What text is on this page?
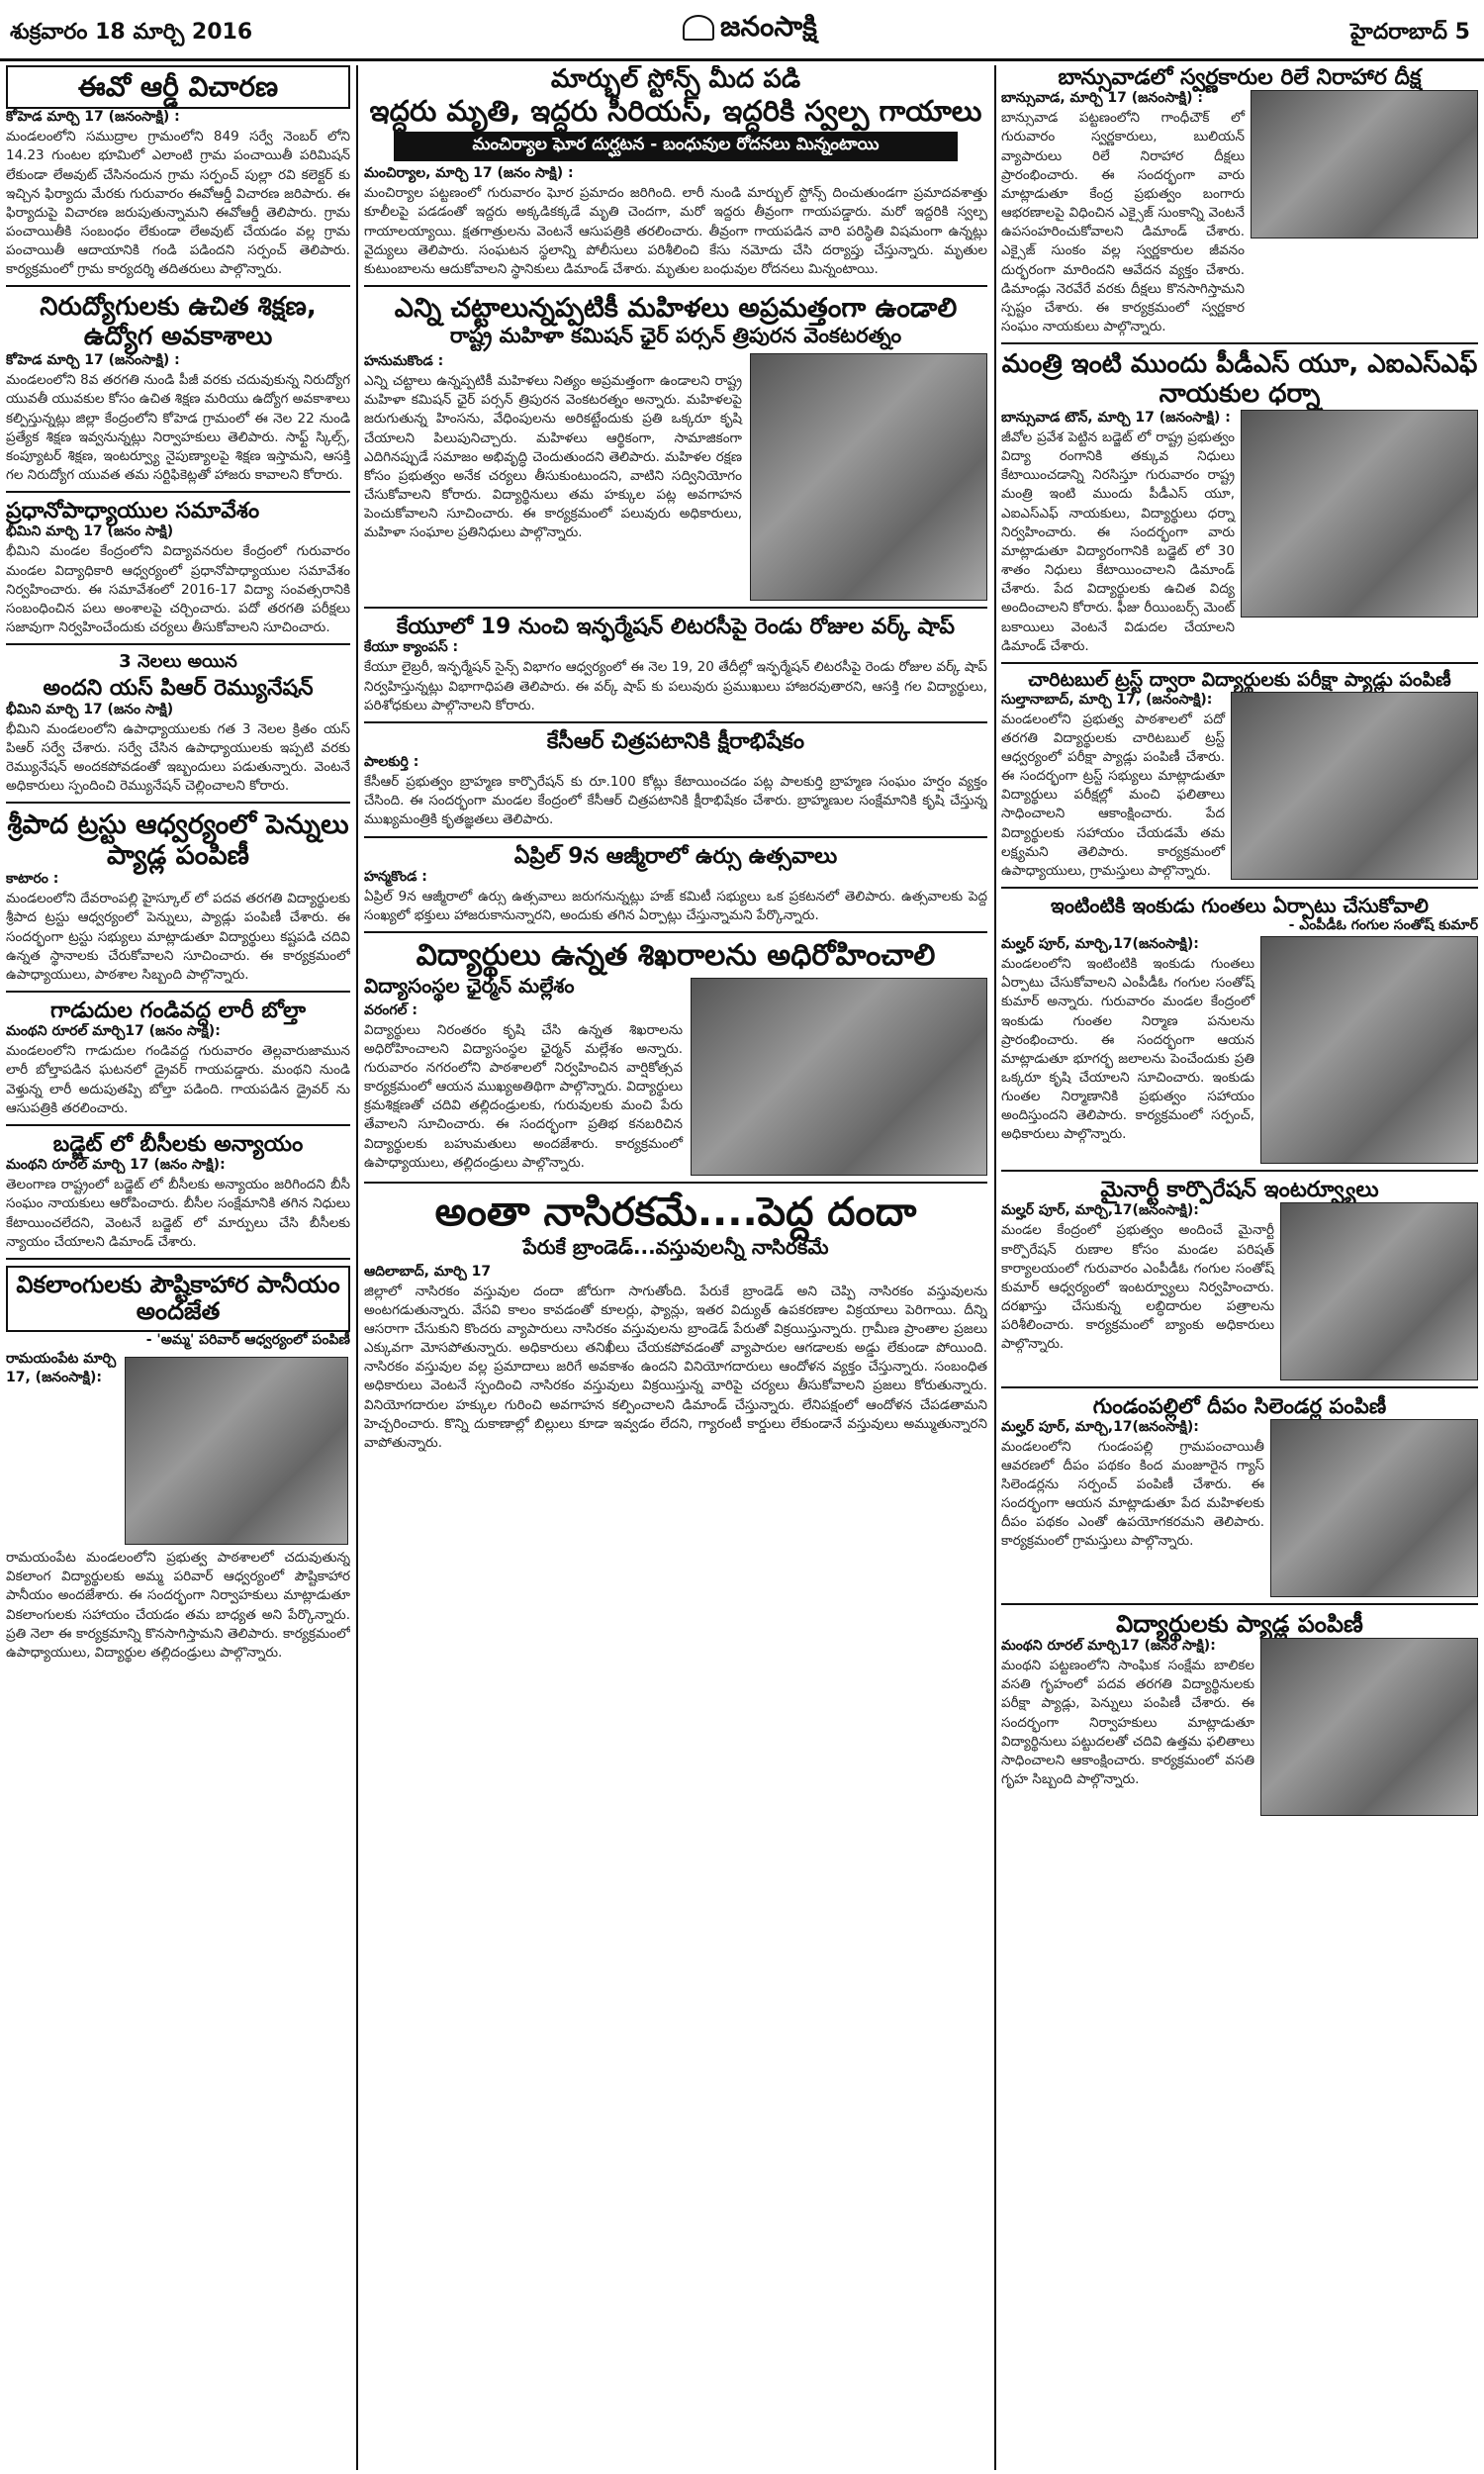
శుక్రవారం 18 మార్చి 2016	జనంసాక్షి	హైదరాబాద్ 5
ఈవో ఆర్డీ విచారణ
కోహెడ మార్చి 17 (జనంసాక్షి) :
మండలంలోని సముద్రాల గ్రామంలోని 849 సర్వే నెంబర్ లోని 14.23 గుంటల భూమిలో ఎలాంటి గ్రామ పంచాయితీ పరిమిషన్ లేకుండా లేఅవుట్ చేసినందున గ్రామ సర్పంచ్ పుల్లా రవి కలెక్టర్ కు ఇచ్చిన ఫిర్యాదు మేరకు గురువారం ఈవోఆర్డీ విచారణ జరిపారు. ఈ ఫిర్యాదుపై విచారణ జరుపుతున్నామని ఈవోఆర్డీ తెలిపారు. గ్రామ పంచాయితీకి సంబంధం లేకుండా లేఅవుట్ చేయడం వల్ల గ్రామ పంచాయితీ ఆదాయానికి గండి పడిందని సర్పంచ్ తెలిపారు. కార్యక్రమంలో గ్రామ కార్యదర్శి తదితరులు పాల్గొన్నారు.
నిరుద్యోగులకు ఉచిత శిక్షణ, ఉద్యోగ అవకాశాలు
కోహెడ మార్చి 17 (జనంసాక్షి) :
మండలంలోని 8వ తరగతి నుండి పీజీ వరకు చదువుకున్న నిరుద్యోగ యువతీ యువకుల కోసం ఉచిత శిక్షణ మరియు ఉద్యోగ అవకాశాలు కల్పిస్తున్నట్లు జిల్లా కేంద్రంలోని కోహెడ గ్రామంలో ఈ నెల 22 నుండి ప్రత్యేక శిక్షణ ఇవ్వనున్నట్లు నిర్వాహకులు తెలిపారు. సాఫ్ట్ స్కిల్స్, కంప్యూటర్ శిక్షణ, ఇంటర్వ్యూ నైపుణ్యాలపై శిక్షణ ఇస్తామని, ఆసక్తి గల నిరుద్యోగ యువత తమ సర్టిఫికెట్లతో హాజరు కావాలని కోరారు.
ప్రధానోపాధ్యాయుల సమావేశం
భీమిని మార్చి 17 (జనం సాక్షి)
భీమిని మండల కేంద్రంలోని విద్యావనరుల కేంద్రంలో గురువారం మండల విద్యాధికారి ఆధ్వర్యంలో ప్రధానోపాధ్యాయుల సమావేశం నిర్వహించారు. ఈ సమావేశంలో 2016-17 విద్యా సంవత్సరానికి సంబంధించిన పలు అంశాలపై చర్చించారు. పదో తరగతి పరీక్షలు సజావుగా నిర్వహించేందుకు చర్యలు తీసుకోవాలని సూచించారు.
3 నెలలు అయిన
అందని యస్ పిఆర్ రెమ్యునేషన్
భీమిని మార్చి 17 (జనం సాక్షి)
భీమిని మండలంలోని ఉపాధ్యాయులకు గత 3 నెలల క్రితం యస్ పిఆర్ సర్వే చేశారు. సర్వే చేసిన ఉపాధ్యాయులకు ఇప్పటి వరకు రెమ్యునేషన్ అందకపోవడంతో ఇబ్బందులు పడుతున్నారు. వెంటనే అధికారులు స్పందించి రెమ్యునేషన్ చెల్లించాలని కోరారు.
శ్రీపాద ట్రస్టు ఆధ్వర్యంలో పెన్నులు ప్యాడ్ల పంపిణీ
కాటారం :
మండలంలోని దేవరాంపల్లి హైస్కూల్ లో పదవ తరగతి విద్యార్థులకు శ్రీపాద ట్రస్టు ఆధ్వర్యంలో పెన్నులు, ప్యాడ్లు పంపిణీ చేశారు. ఈ సందర్భంగా ట్రస్టు సభ్యులు మాట్లాడుతూ విద్యార్థులు కష్టపడి చదివి ఉన్నత స్థానాలకు చేరుకోవాలని సూచించారు. ఈ కార్యక్రమంలో ఉపాధ్యాయులు, పాఠశాల సిబ్బంది పాల్గొన్నారు.
గాడుదుల గండివద్ద లారీ బోల్తా
మంథని రూరల్ మార్చి17 (జనం సాక్షి):
మండలంలోని గాడుదుల గండివద్ద గురువారం తెల్లవారుజామున లారీ బోల్తాపడిన ఘటనలో డ్రైవర్ గాయపడ్డారు. మంథని నుండి వెళ్తున్న లారీ అదుపుతప్పి బోల్తా పడింది. గాయపడిన డ్రైవర్ ను ఆసుపత్రికి తరలించారు.
బడ్జెట్ లో బీసీలకు అన్యాయం
మంథని రూరల్ మార్చి 17 (జనం సాక్షి):
తెలంగాణ రాష్ట్రంలో బడ్జెట్ లో బీసీలకు అన్యాయం జరిగిందని బీసీ సంఘం నాయకులు ఆరోపించారు. బీసీల సంక్షేమానికి తగిన నిధులు కేటాయించలేదని, వెంటనే బడ్జెట్ లో మార్పులు చేసి బీసీలకు న్యాయం చేయాలని డిమాండ్ చేశారు.
వికలాంగులకు పౌష్టికాహార పానీయం అందజేత
- 'అమ్మ' పరివార్ ఆధ్వర్యంలో పంపిణీ
రామయంపేట మార్చి 17, (జనంసాక్షి):
రామయంపేట మండలంలోని ప్రభుత్వ పాఠశాలలో చదువుతున్న వికలాంగ విద్యార్థులకు అమ్మ పరివార్ ఆధ్వర్యంలో పౌష్టికాహార పానీయం అందజేశారు. ఈ సందర్భంగా నిర్వాహకులు మాట్లాడుతూ వికలాంగులకు సహాయం చేయడం తమ బాధ్యత అని పేర్కొన్నారు. ప్రతి నెలా ఈ కార్యక్రమాన్ని కొనసాగిస్తామని తెలిపారు. కార్యక్రమంలో ఉపాధ్యాయులు, విద్యార్థుల తల్లిదండ్రులు పాల్గొన్నారు.
మార్బుల్ స్టోన్స్ మీద పడి
ఇద్దరు మృతి, ఇద్దరు సీరియస్, ఇద్దరికి స్వల్ప గాయాలు
మంచిర్యాల ఘోర దుర్ఘటన - బంధువుల రోదనలు మిన్నంటాయి
మంచిర్యాల, మార్చి 17 (జనం సాక్షి) :
మంచిర్యాల పట్టణంలో గురువారం ఘోర ప్రమాదం జరిగింది. లారీ నుండి మార్బుల్ స్టోన్స్ దించుతుండగా ప్రమాదవశాత్తు కూలీలపై పడడంతో ఇద్దరు అక్కడికక్కడే మృతి చెందగా, మరో ఇద్దరు తీవ్రంగా గాయపడ్డారు. మరో ఇద్దరికి స్వల్ప గాయాలయ్యాయి. క్షతగాత్రులను వెంటనే ఆసుపత్రికి తరలించారు. తీవ్రంగా గాయపడిన వారి పరిస్థితి విషమంగా ఉన్నట్లు వైద్యులు తెలిపారు. సంఘటన స్థలాన్ని పోలీసులు పరిశీలించి కేసు నమోదు చేసి దర్యాప్తు చేస్తున్నారు. మృతుల కుటుంబాలను ఆదుకోవాలని స్థానికులు డిమాండ్ చేశారు. మృతుల బంధువుల రోదనలు మిన్నంటాయి.
ఎన్ని చట్టాలున్నప్పటికీ మహిళలు అప్రమత్తంగా ఉండాలి
రాష్ట్ర మహిళా కమిషన్ ఛైర్ పర్సన్ త్రిపురన వెంకటరత్నం
హనుమకొండ :
ఎన్ని చట్టాలు ఉన్నప్పటికీ మహిళలు నిత్యం అప్రమత్తంగా ఉండాలని రాష్ట్ర మహిళా కమిషన్ ఛైర్ పర్సన్ త్రిపురన వెంకటరత్నం అన్నారు. మహిళలపై జరుగుతున్న హింసను, వేధింపులను అరికట్టేందుకు ప్రతి ఒక్కరూ కృషి చేయాలని పిలుపునిచ్చారు. మహిళలు ఆర్థికంగా, సామాజికంగా ఎదిగినప్పుడే సమాజం అభివృద్ధి చెందుతుందని తెలిపారు. మహిళల రక్షణ కోసం ప్రభుత్వం అనేక చర్యలు తీసుకుంటుందని, వాటిని సద్వినియోగం చేసుకోవాలని కోరారు. విద్యార్థినులు తమ హక్కుల పట్ల అవగాహన పెంచుకోవాలని సూచించారు. ఈ కార్యక్రమంలో పలువురు అధికారులు, మహిళా సంఘాల ప్రతినిధులు పాల్గొన్నారు.
కేయూలో 19 నుంచి ఇన్ఫర్మేషన్ లిటరసీపై రెండు రోజుల వర్క్ షాప్
కేయూ క్యాంపస్ :
కేయూ లైబ్రరీ, ఇన్ఫర్మేషన్ సైన్స్ విభాగం ఆధ్వర్యంలో ఈ నెల 19, 20 తేదీల్లో ఇన్ఫర్మేషన్ లిటరసీపై రెండు రోజుల వర్క్ షాప్ నిర్వహిస్తున్నట్లు విభాగాధిపతి తెలిపారు. ఈ వర్క్ షాప్ కు పలువురు ప్రముఖులు హాజరవుతారని, ఆసక్తి గల విద్యార్థులు, పరిశోధకులు పాల్గొనాలని కోరారు.
కేసీఆర్ చిత్రపటానికి క్షీరాభిషేకం
పాలకుర్తి :
కేసీఆర్ ప్రభుత్వం బ్రాహ్మణ కార్పొరేషన్ కు రూ.100 కోట్లు కేటాయించడం పట్ల పాలకుర్తి బ్రాహ్మణ సంఘం హర్షం వ్యక్తం చేసింది. ఈ సందర్భంగా మండల కేంద్రంలో కేసీఆర్ చిత్రపటానికి క్షీరాభిషేకం చేశారు. బ్రాహ్మణుల సంక్షేమానికి కృషి చేస్తున్న ముఖ్యమంత్రికి కృతజ్ఞతలు తెలిపారు.
ఏప్రిల్ 9న ఆజ్మీరాలో ఉర్సు ఉత్సవాలు
హన్మకొండ :
ఏప్రిల్ 9న ఆజ్మీరాలో ఉర్సు ఉత్సవాలు జరుగనున్నట్లు హజ్ కమిటీ సభ్యులు ఒక ప్రకటనలో తెలిపారు. ఉత్సవాలకు పెద్ద సంఖ్యలో భక్తులు హాజరుకానున్నారని, అందుకు తగిన ఏర్పాట్లు చేస్తున్నామని పేర్కొన్నారు.
విద్యార్థులు ఉన్నత శిఖరాలను అధిరోహించాలి
విద్యాసంస్థల ఛైర్మన్ మల్లేశం
వరంగల్ :
విద్యార్థులు నిరంతరం కృషి చేసి ఉన్నత శిఖరాలను అధిరోహించాలని విద్యాసంస్థల ఛైర్మన్ మల్లేశం అన్నారు. గురువారం నగరంలోని పాఠశాలలో నిర్వహించిన వార్షికోత్సవ కార్యక్రమంలో ఆయన ముఖ్యఅతిథిగా పాల్గొన్నారు. విద్యార్థులు క్రమశిక్షణతో చదివి తల్లిదండ్రులకు, గురువులకు మంచి పేరు తేవాలని సూచించారు. ఈ సందర్భంగా ప్రతిభ కనబరిచిన విద్యార్థులకు బహుమతులు అందజేశారు. కార్యక్రమంలో ఉపాధ్యాయులు, తల్లిదండ్రులు పాల్గొన్నారు.
అంతా నాసిరకమే....పెద్ద దందా
పేరుకే బ్రాండెడ్...వస్తువులన్నీ నాసిరకమే
ఆదిలాబాద్, మార్చి 17
జిల్లాలో నాసిరకం వస్తువుల దందా జోరుగా సాగుతోంది. పేరుకే బ్రాండెడ్ అని చెప్పి నాసిరకం వస్తువులను అంటగడుతున్నారు. వేసవి కాలం కావడంతో కూలర్లు, ఫ్యాన్లు, ఇతర విద్యుత్ ఉపకరణాల విక్రయాలు పెరిగాయి. దీన్ని ఆసరాగా చేసుకుని కొందరు వ్యాపారులు నాసిరకం వస్తువులను బ్రాండెడ్ పేరుతో విక్రయిస్తున్నారు. గ్రామీణ ప్రాంతాల ప్రజలు ఎక్కువగా మోసపోతున్నారు. అధికారులు తనిఖీలు చేయకపోవడంతో వ్యాపారుల ఆగడాలకు అడ్డు లేకుండా పోయింది. నాసిరకం వస్తువుల వల్ల ప్రమాదాలు జరిగే అవకాశం ఉందని వినియోగదారులు ఆందోళన వ్యక్తం చేస్తున్నారు. సంబంధిత అధికారులు వెంటనే స్పందించి నాసిరకం వస్తువులు విక్రయిస్తున్న వారిపై చర్యలు తీసుకోవాలని ప్రజలు కోరుతున్నారు. వినియోగదారుల హక్కుల గురించి అవగాహన కల్పించాలని డిమాండ్ చేస్తున్నారు. లేనిపక్షంలో ఆందోళన చేపడతామని హెచ్చరించారు. కొన్ని దుకాణాల్లో బిల్లులు కూడా ఇవ్వడం లేదని, గ్యారంటీ కార్డులు లేకుండానే వస్తువులు అమ్ముతున్నారని వాపోతున్నారు.
బాన్సువాడలో స్వర్ణకారుల రిలే నిరాహార దీక్ష
బాన్సువాడ, మార్చి 17 (జనంసాక్షి) :
బాన్సువాడ పట్టణంలోని గాంధీచౌక్ లో గురువారం స్వర్ణకారులు, బులియన్ వ్యాపారులు రిలే నిరాహార దీక్షలు ప్రారంభించారు. ఈ సందర్భంగా వారు మాట్లాడుతూ కేంద్ర ప్రభుత్వం బంగారు ఆభరణాలపై విధించిన ఎక్సైజ్ సుంకాన్ని వెంటనే ఉపసంహరించుకోవాలని డిమాండ్ చేశారు. ఎక్సైజ్ సుంకం వల్ల స్వర్ణకారుల జీవనం దుర్భరంగా మారిందని ఆవేదన వ్యక్తం చేశారు. డిమాండ్లు నెరవేరే వరకు దీక్షలు కొనసాగిస్తామని స్పష్టం చేశారు. ఈ కార్యక్రమంలో స్వర్ణకార సంఘం నాయకులు పాల్గొన్నారు.
మంత్రి ఇంటి ముందు పీడీఎస్ యూ, ఎఐఎస్ఎఫ్ నాయకుల ధర్నా
బాన్సువాడ టౌన్, మార్చి 17 (జనంసాక్షి) :
జీవోల ప్రవేశ పెట్టిన బడ్జెట్ లో రాష్ట్ర ప్రభుత్వం విద్యా రంగానికి తక్కువ నిధులు కేటాయించడాన్ని నిరసిస్తూ గురువారం రాష్ట్ర మంత్రి ఇంటి ముందు పీడీఎస్ యూ, ఎఐఎస్ఎఫ్ నాయకులు, విద్యార్థులు ధర్నా నిర్వహించారు. ఈ సందర్భంగా వారు మాట్లాడుతూ విద్యారంగానికి బడ్జెట్ లో 30 శాతం నిధులు కేటాయించాలని డిమాండ్ చేశారు. పేద విద్యార్థులకు ఉచిత విద్య అందించాలని కోరారు. ఫీజు రీయింబర్స్ మెంట్ బకాయిలు వెంటనే విడుదల చేయాలని డిమాండ్ చేశారు.
చారిటబుల్ ట్రస్ట్ ద్వారా విద్యార్థులకు పరీక్షా ప్యాడ్లు పంపిణీ
సుల్తానాబాద్, మార్చి 17, (జనంసాక్షి):
మండలంలోని ప్రభుత్వ పాఠశాలలో పదో తరగతి విద్యార్థులకు చారిటబుల్ ట్రస్ట్ ఆధ్వర్యంలో పరీక్షా ప్యాడ్లు పంపిణీ చేశారు. ఈ సందర్భంగా ట్రస్ట్ సభ్యులు మాట్లాడుతూ విద్యార్థులు పరీక్షల్లో మంచి ఫలితాలు సాధించాలని ఆకాంక్షించారు. పేద విద్యార్థులకు సహాయం చేయడమే తమ లక్ష్యమని తెలిపారు. కార్యక్రమంలో ఉపాధ్యాయులు, గ్రామస్తులు పాల్గొన్నారు.
ఇంటింటికి ఇంకుడు గుంతలు ఏర్పాటు చేసుకోవాలి
- ఎంపీడీఓ గంగుల సంతోష్ కుమార్
మల్హర్ పూర్, మార్చి,17(జనంసాక్షి):
మండలంలోని ఇంటింటికి ఇంకుడు గుంతలు ఏర్పాటు చేసుకోవాలని ఎంపీడీఓ గంగుల సంతోష్ కుమార్ అన్నారు. గురువారం మండల కేంద్రంలో ఇంకుడు గుంతల నిర్మాణ పనులను ప్రారంభించారు. ఈ సందర్భంగా ఆయన మాట్లాడుతూ భూగర్భ జలాలను పెంచేందుకు ప్రతి ఒక్కరూ కృషి చేయాలని సూచించారు. ఇంకుడు గుంతల నిర్మాణానికి ప్రభుత్వం సహాయం అందిస్తుందని తెలిపారు. కార్యక్రమంలో సర్పంచ్, అధికారులు పాల్గొన్నారు.
మైనార్టీ కార్పొరేషన్ ఇంటర్వ్యూలు
మల్హర్ పూర్, మార్చి,17(జనంసాక్షి):
మండల కేంద్రంలో ప్రభుత్వం అందించే మైనార్టీ కార్పొరేషన్ రుణాల కోసం మండల పరిషత్ కార్యాలయంలో గురువారం ఎంపీడీఓ గంగుల సంతోష్ కుమార్ ఆధ్వర్యంలో ఇంటర్వ్యూలు నిర్వహించారు. దరఖాస్తు చేసుకున్న లబ్ధిదారుల పత్రాలను పరిశీలించారు. కార్యక్రమంలో బ్యాంకు అధికారులు పాల్గొన్నారు.
గుండంపల్లిలో దీపం సిలెండర్ల పంపిణీ
మల్హర్ పూర్, మార్చి,17(జనంసాక్షి):
మండలంలోని గుండంపల్లి గ్రామపంచాయితీ ఆవరణలో దీపం పథకం కింద మంజూరైన గ్యాస్ సిలెండర్లను సర్పంచ్ పంపిణీ చేశారు. ఈ సందర్భంగా ఆయన మాట్లాడుతూ పేద మహిళలకు దీపం పథకం ఎంతో ఉపయోగకరమని తెలిపారు. కార్యక్రమంలో గ్రామస్తులు పాల్గొన్నారు.
విద్యార్థులకు ప్యాడ్ల పంపిణీ
మంథని రూరల్ మార్చి17 (జనం సాక్షి):
మంథని పట్టణంలోని సాంఘిక సంక్షేమ బాలికల వసతి గృహంలో పదవ తరగతి విద్యార్థినులకు పరీక్షా ప్యాడ్లు, పెన్నులు పంపిణీ చేశారు. ఈ సందర్భంగా నిర్వాహకులు మాట్లాడుతూ విద్యార్థినులు పట్టుదలతో చదివి ఉత్తమ ఫలితాలు సాధించాలని ఆకాంక్షించారు. కార్యక్రమంలో వసతి గృహ సిబ్బంది పాల్గొన్నారు.
